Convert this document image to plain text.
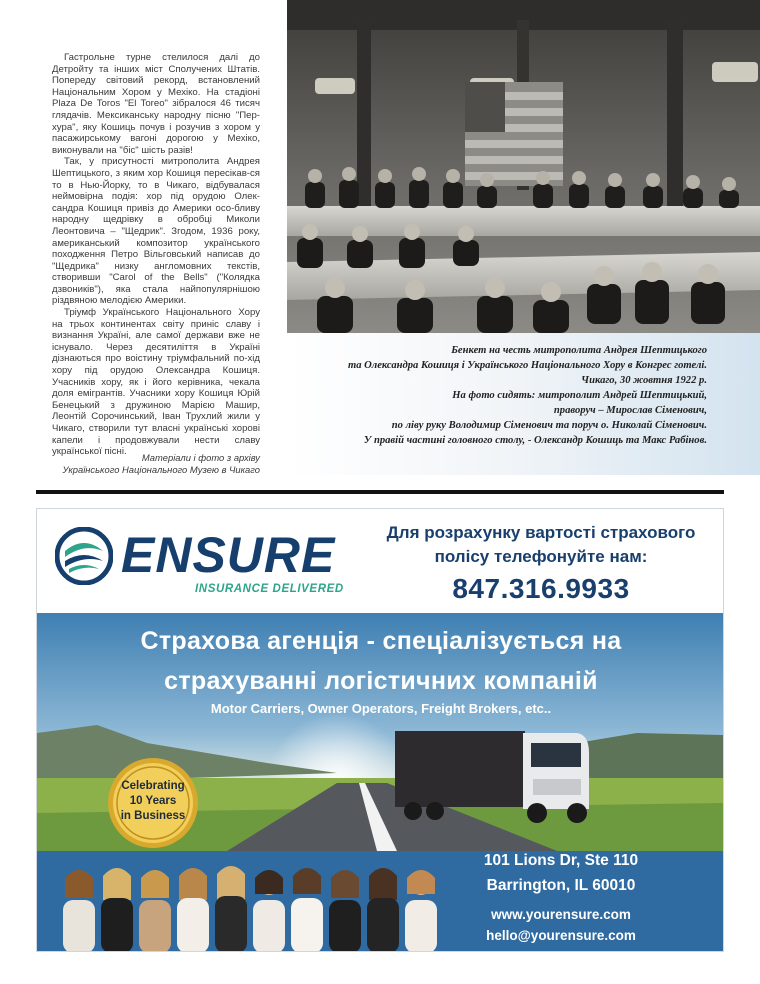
Гастрольне турне стелилося далі до Детройту та інших міст Сполучених Штатів. Попереду світовий рекорд, встановлений Національним Хором у Мехіко. На стадіоні Plaza De Toros "El Toreo" зібралося 46 тисяч глядачів. Мексиканську народну пісню "Пер-хура", яку Кошиць почув і розучив з хором у пасажирському вагоні дорогою у Мехіко, виконували на "біс" шість разів!

Так, у присутності митрополита Андрея Шептицького, з яким хор Кошиця пересікав-ся то в Нью-Йорку, то в Чикаго, відбувалася неймовірна подія: хор під орудою Олек-сандра Кошиця привіз до Америки осо-бливу народну щедрівку в обробці Миколи Леонтовича – "Щедрик". Згодом, 1936 року, американський композитор українського походження Петро Вільговський написав до "Щедрика" низку англомовних текстів, створивши "Carol of the Bells" ("Колядка дзвоників"), яка стала найпопулярнішою різдвяною мелодією Америки.

Тріумф Українського Національного Хору на трьох континентах світу приніс славу і визнання Україні, але самої держави вже не існувало. Через десятиліття в Україні дізнаються про воістину тріумфальний по-хід хору під орудою Олександра Кошиця. Учасників хору, як і його керівника, чекала доля емігрантів. Учасники хору Кошиця Юрій Бенецький з дружиною Марією Машир, Леонтій Сорочинський, Іван Трухлий жили у Чикаго, створили тут власні українські хорові капели і продовжували нести славу української пісні.

Матеріали і фото з архіву
Українського Національного Музею в Чикаго
Бенкет на честь митрополита Андрея Шептицького
та Олександра Кошиця і Українського Національного Хору в Конгрес готелі.
Чикаго, 30 жовтня 1922 р.
На фото сидять: митрополит Андрей Шептицький,
праворуч – Мирослав Сіменович,
по ліву руку Володимир Сіменович та поруч о. Николай Сіменович.
У правій частині головного столу, - Олександр Кошиць та Макс Рабінов.
ENSURE
INSURANCE DELIVERED
Для розрахунку вартості страхового
полісу телефонуйте нам:
847.316.9933
Страхова агенція - спеціалізується на
страхуванні логістичних компаній
Motor Carriers, Owner Operators, Freight Brokers, etc..
Celebrating
10 Years
in Business
101 Lions Dr, Ste 110
Barrington, IL 60010
www.yourensure.com
hello@yourensure.com
